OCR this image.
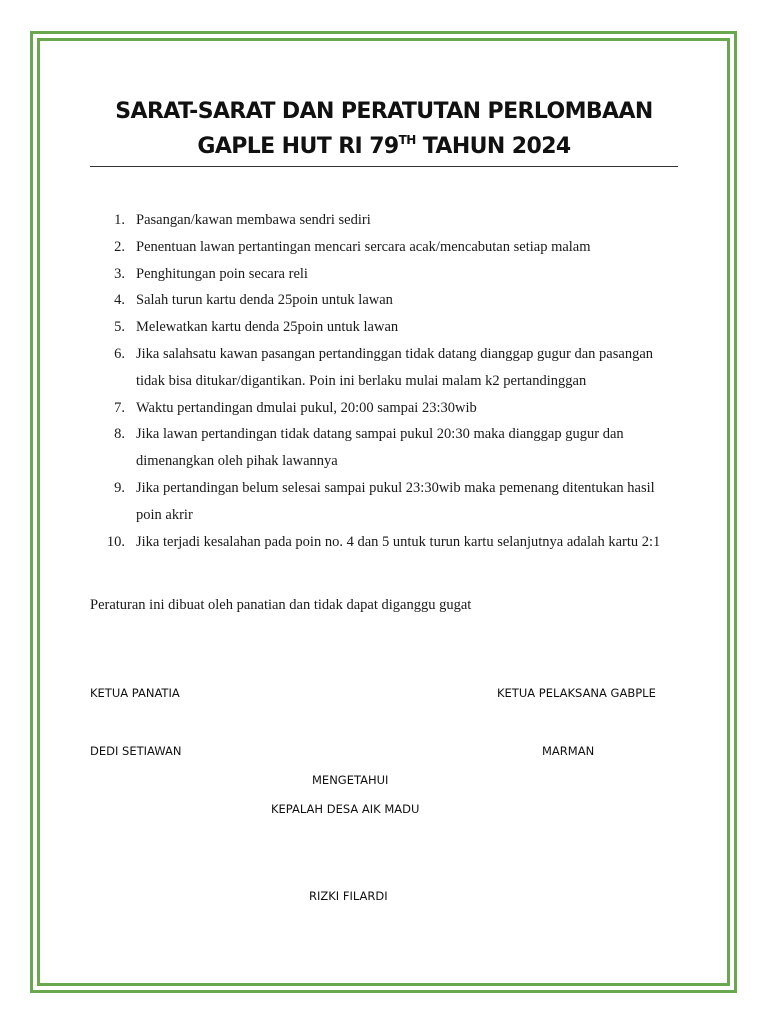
SARAT-SARAT DAN PERATUTAN PERLOMBAAN
GAPLE HUT RI 79TH TAHUN 2024
1. Pasangan/kawan membawa sendri sediri
2. Penentuan lawan pertantingan mencari sercara acak/mencabutan setiap malam
3. Penghitungan poin secara reli
4. Salah turun kartu denda 25poin untuk lawan
5. Melewatkan kartu denda 25poin untuk lawan
6. Jika salahsatu kawan pasangan pertandinggan tidak datang dianggap gugur dan pasangan tidak bisa ditukar/digantikan. Poin ini berlaku mulai malam k2 pertandinggan
7. Waktu pertandingan dmulai pukul, 20:00 sampai 23:30wib
8. Jika lawan pertandingan tidak datang sampai pukul 20:30 maka dianggap gugur dan dimenangkan oleh pihak lawannya
9. Jika pertandingan belum selesai sampai pukul 23:30wib maka pemenang ditentukan hasil poin akrir
10. Jika terjadi kesalahan pada poin no. 4 dan 5 untuk turun kartu selanjutnya adalah kartu 2:1
Peraturan ini dibuat oleh panatian dan tidak dapat diganggu gugat
KETUA PANATIA	KETUA PELAKSANA GABPLE
DEDI SETIAWAN	MARMAN
MENGETAHUI
KEPALAH DESA AIK MADU
RIZKI FILARDI
